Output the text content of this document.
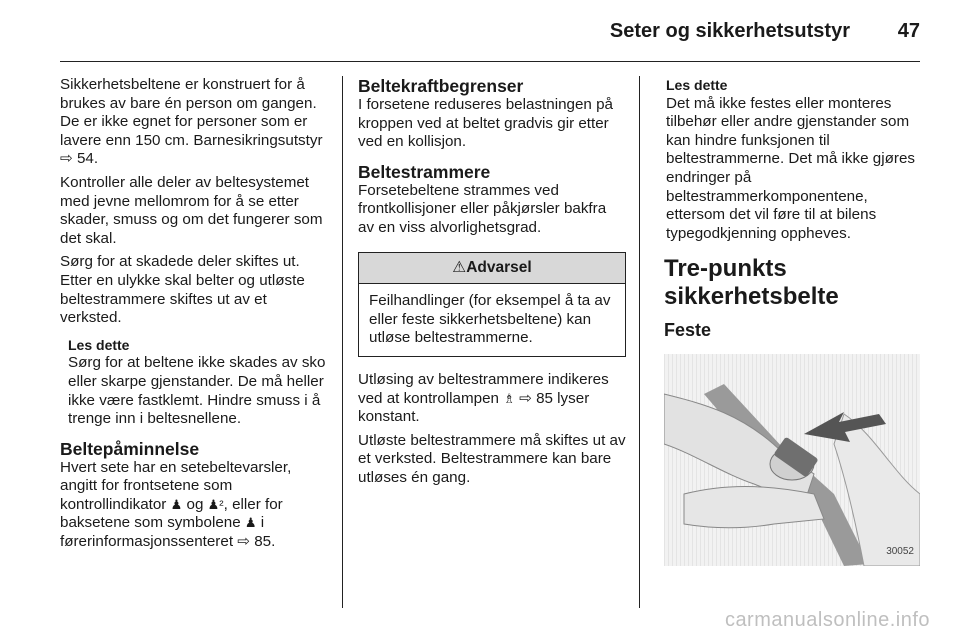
Seter og sikkerhetsutstyr 47

Sikkerhetsbeltene er konstruert for å brukes av bare én person om gangen. De er ikke egnet for personer som er lavere enn 150 cm. Barnesikringsutstyr ⇨ 54.

Kontroller alle deler av beltesystemet med jevne mellomrom for å se etter skader, smuss og om det fungerer som det skal.

Sørg for at skadede deler skiftes ut. Etter en ulykke skal belter og utløste beltestrammere skiftes ut av et verksted.

Les dette
Sørg for at beltene ikke skades av sko eller skarpe gjenstander. De må heller ikke være fastklemt. Hindre smuss i å trenge inn i beltesnellene.
Beltepåminnelse

Hvert sete har en setebeltevarsler, angitt for frontsetene som kontrollindikator ♟ og ♟², eller for baksetene som symbolene ♟ i førerinformasjonssenteret ⇨ 85.

Beltekraftbegrenser

I forsetene reduseres belastningen på kroppen ved at beltet gradvis gir etter ved en kollisjon.

Beltestrammere

Forsetebeltene strammes ved frontkollisjoner eller påkjørsler bakfra av en viss alvorlighetsgrad.

⚠Advarsel
Feilhandlinger (for eksempel å ta av eller feste sikkerhetsbeltene) kan utløse beltestrammerne.

Utløsing av beltestrammere indikeres ved at kontrollampen ♗ ⇨ 85 lyser konstant.

Utløste beltestrammere må skiftes ut av et verksted. Beltestrammere kan bare utløses én gang.

Les dette
Det må ikke festes eller monteres tilbehør eller andre gjenstander som kan hindre funksjonen til beltestrammerne. Det må ikke gjøres endringer på beltestrammerkomponentene, ettersom det vil føre til at bilens typegodkjenning oppheves.
Tre-punkts sikkerhetsbelte
Feste
30052
carmanualsonline.info
